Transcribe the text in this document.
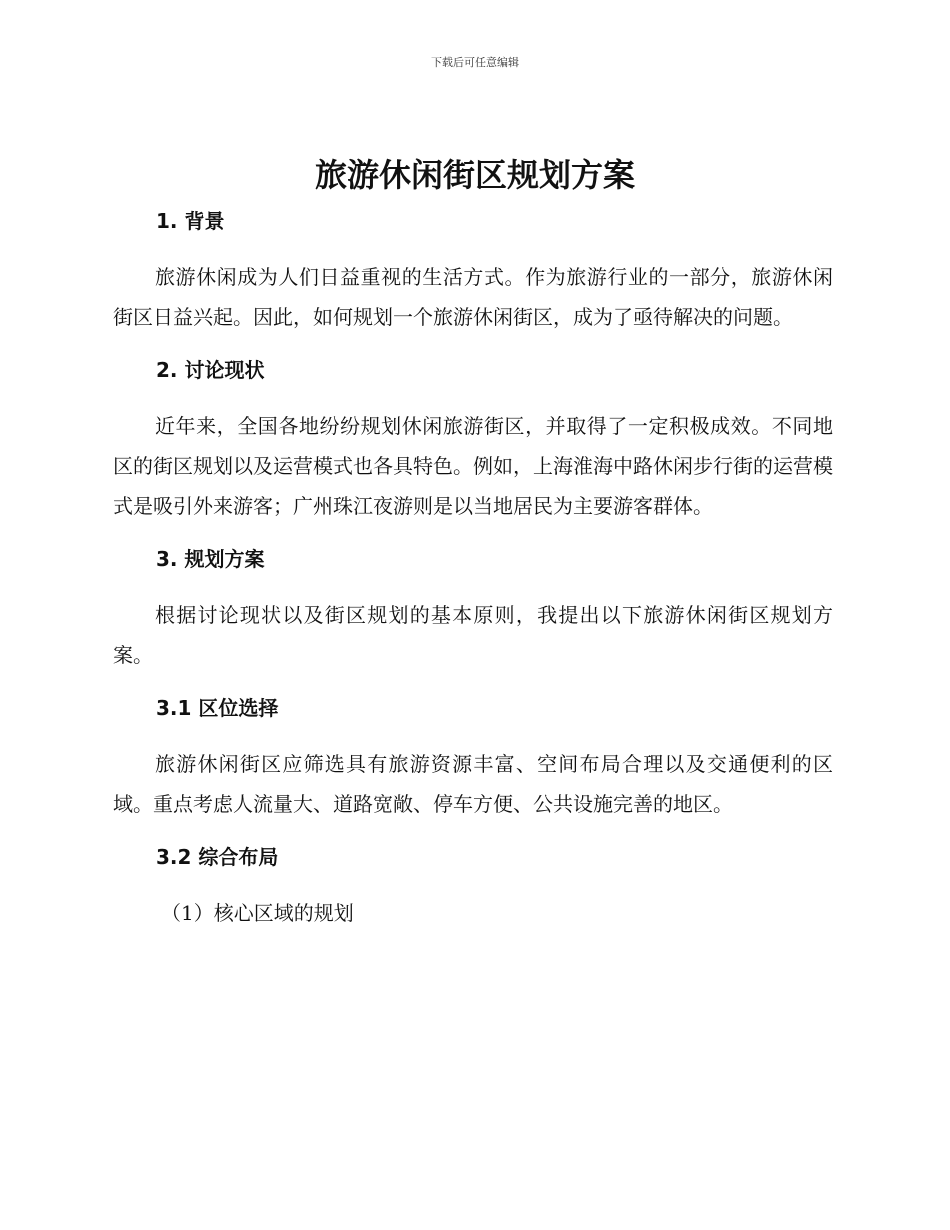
下载后可任意编辑
旅游休闲街区规划方案
1. 背景

旅游休闲成为人们日益重视的生活方式。作为旅游行业的一部分，旅游休闲街区日益兴起。因此，如何规划一个旅游休闲街区，成为了亟待解决的问题。

2. 讨论现状

近年来，全国各地纷纷规划休闲旅游街区，并取得了一定积极成效。不同地区的街区规划以及运营模式也各具特色。例如，上海淮海中路休闲步行街的运营模式是吸引外来游客；广州珠江夜游则是以当地居民为主要游客群体。

3. 规划方案

根据讨论现状以及街区规划的基本原则，我提出以下旅游休闲街区规划方案。

3.1 区位选择

旅游休闲街区应筛选具有旅游资源丰富、空间布局合理以及交通便利的区域。重点考虑人流量大、道路宽敞、停车方便、公共设施完善的地区。

3.2 综合布局
（1）核心区域的规划
